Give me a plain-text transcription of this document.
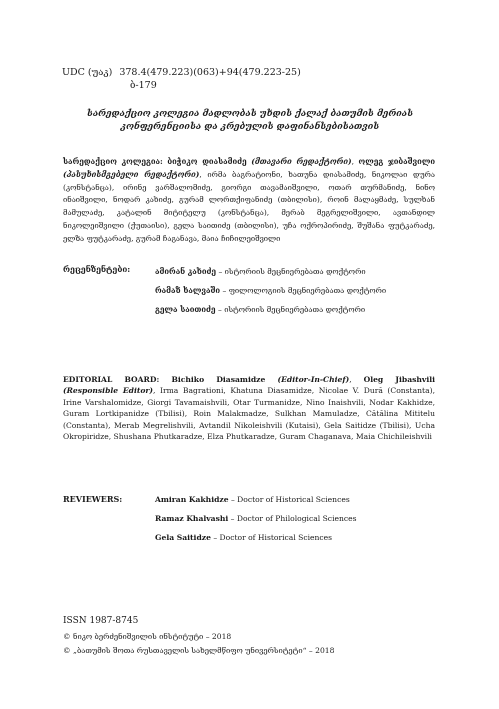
UDC (უაკ) 378.4(479.223)(063)+94(479.223-25)
ბ-179
სარედაქციო კოლეგია მადლობას უხდის ქალაქ ბათუმის მერიას
კონფერენციისა და კრებულის დაფინანსებისათვის
სარედაქციო კოლეგია: ბიჭიკო დიასამიძე (მთავარი რედაქტორი), ოლეგ ჯიბაშვილი (პასუხისმგებელი რედაქტორი), ირმა ბაგრატიონი, ხათუნა დიასამიძე, ნიკოლაი დურა (კონსტანცა), ირინე ვარშალომიძე, გიორგი თავამაიშვილი, ოთარ თურმანიძე, ნინო ინაიშვილი, ნოდარ კახიძე, გურამ ლორთქიფანიძე (თბილისი), როინ მალაყმაძე, სულხან მამულაძე, კატალინ მიტიტელუ (კონსტანცა), მერაბ მეგრელიშვილი, ავთანდილ ნიკოლეიშვილი (ქუთაისი), გელა საითიძე (თბილისი), უჩა ოქროპირიძე, შუშანა ფუტკარაძე, ელზა ფუტკარაძე, გურამ ჩაგანავა, მაია ჩიჩილეიშვილი
რეცენზენტები:	ამირან კახიძე – ისტორიის მეცნიერებათა დოქტორი
რამაზ ხალვაში – ფილოლოგიის მეცნიერებათა დოქტორი
გელა საითიძე – ისტორიის მეცნიერებათა დოქტორი
EDITORIAL BOARD: Bichiko Diasamidze (Editor-In-Chief), Oleg Jibashvili (Responsible Editor), Irma Bagrationi, Khatuna Diasamidze, Nicolae V. Dură (Constanta), Irine Varshalomidze, Giorgi Tavamaishvili, Otar Turmanidze, Nino Inaishvili, Nodar Kakhidze, Guram Lortkipanidze (Tbilisi), Roin Malakmadze, Sulkhan Mamuladze, Cătălina Mititelu (Constanta), Merab Megrelishvili, Avtandil Nikoleishvili (Kutaisi), Gela Saitidze (Tbilisi), Ucha Okropiridze, Shushana Phutkaradze, Elza Phutkaradze, Guram Chaganava, Maia Chichileishvili
REVIEWERS:	Amiran Kakhidze – Doctor of Historical Sciences
Ramaz Khalvashi – Doctor of Philological Sciences
Gela Saitidze – Doctor of Historical Sciences
ISSN 1987-8745
© ნიკო ბერძენიშვილის ინსტიტუტი – 2018
© „ბათუმის შოთა რუსთაველის სახელმწიფო უნივერსიტეტი“ – 2018
